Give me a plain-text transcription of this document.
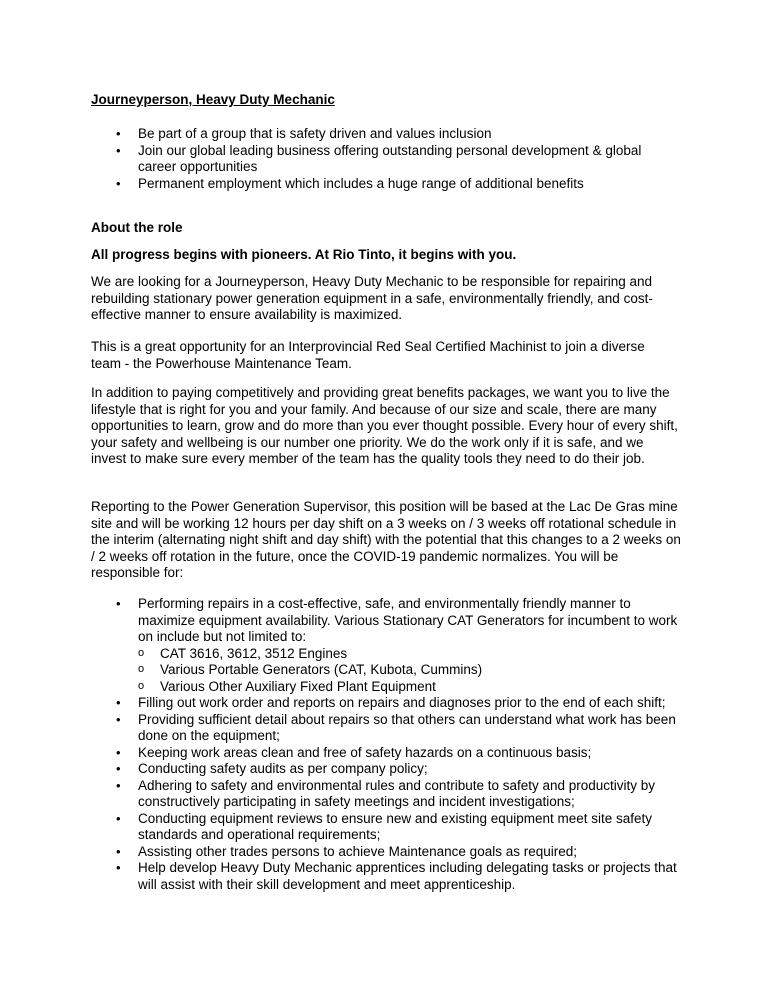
Journeyperson, Heavy Duty Mechanic

• Be part of a group that is safety driven and values inclusion
• Join our global leading business offering outstanding personal development & global career opportunities
• Permanent employment which includes a huge range of additional benefits

About the role

All progress begins with pioneers. At Rio Tinto, it begins with you.

We are looking for a Journeyperson, Heavy Duty Mechanic to be responsible for repairing and rebuilding stationary power generation equipment in a safe, environmentally friendly, and cost-effective manner to ensure availability is maximized.

This is a great opportunity for an Interprovincial Red Seal Certified Machinist to join a diverse team - the Powerhouse Maintenance Team.

In addition to paying competitively and providing great benefits packages, we want you to live the lifestyle that is right for you and your family. And because of our size and scale, there are many opportunities to learn, grow and do more than you ever thought possible. Every hour of every shift, your safety and wellbeing is our number one priority. We do the work only if it is safe, and we invest to make sure every member of the team has the quality tools they need to do their job.

Reporting to the Power Generation Supervisor, this position will be based at the Lac De Gras mine site and will be working 12 hours per day shift on a 3 weeks on / 3 weeks off rotational schedule in the interim (alternating night shift and day shift) with the potential that this changes to a 2 weeks on / 2 weeks off rotation in the future, once the COVID-19 pandemic normalizes. You will be responsible for:

• Performing repairs in a cost-effective, safe, and environmentally friendly manner to maximize equipment availability. Various Stationary CAT Generators for incumbent to work on include but not limited to:
o CAT 3616, 3612, 3512 Engines
o Various Portable Generators (CAT, Kubota, Cummins)
o Various Other Auxiliary Fixed Plant Equipment
• Filling out work order and reports on repairs and diagnoses prior to the end of each shift;
• Providing sufficient detail about repairs so that others can understand what work has been done on the equipment;
• Keeping work areas clean and free of safety hazards on a continuous basis;
• Conducting safety audits as per company policy;
• Adhering to safety and environmental rules and contribute to safety and productivity by constructively participating in safety meetings and incident investigations;
• Conducting equipment reviews to ensure new and existing equipment meet site safety standards and operational requirements;
• Assisting other trades persons to achieve Maintenance goals as required;
• Help develop Heavy Duty Mechanic apprentices including delegating tasks or projects that will assist with their skill development and meet apprenticeship.
